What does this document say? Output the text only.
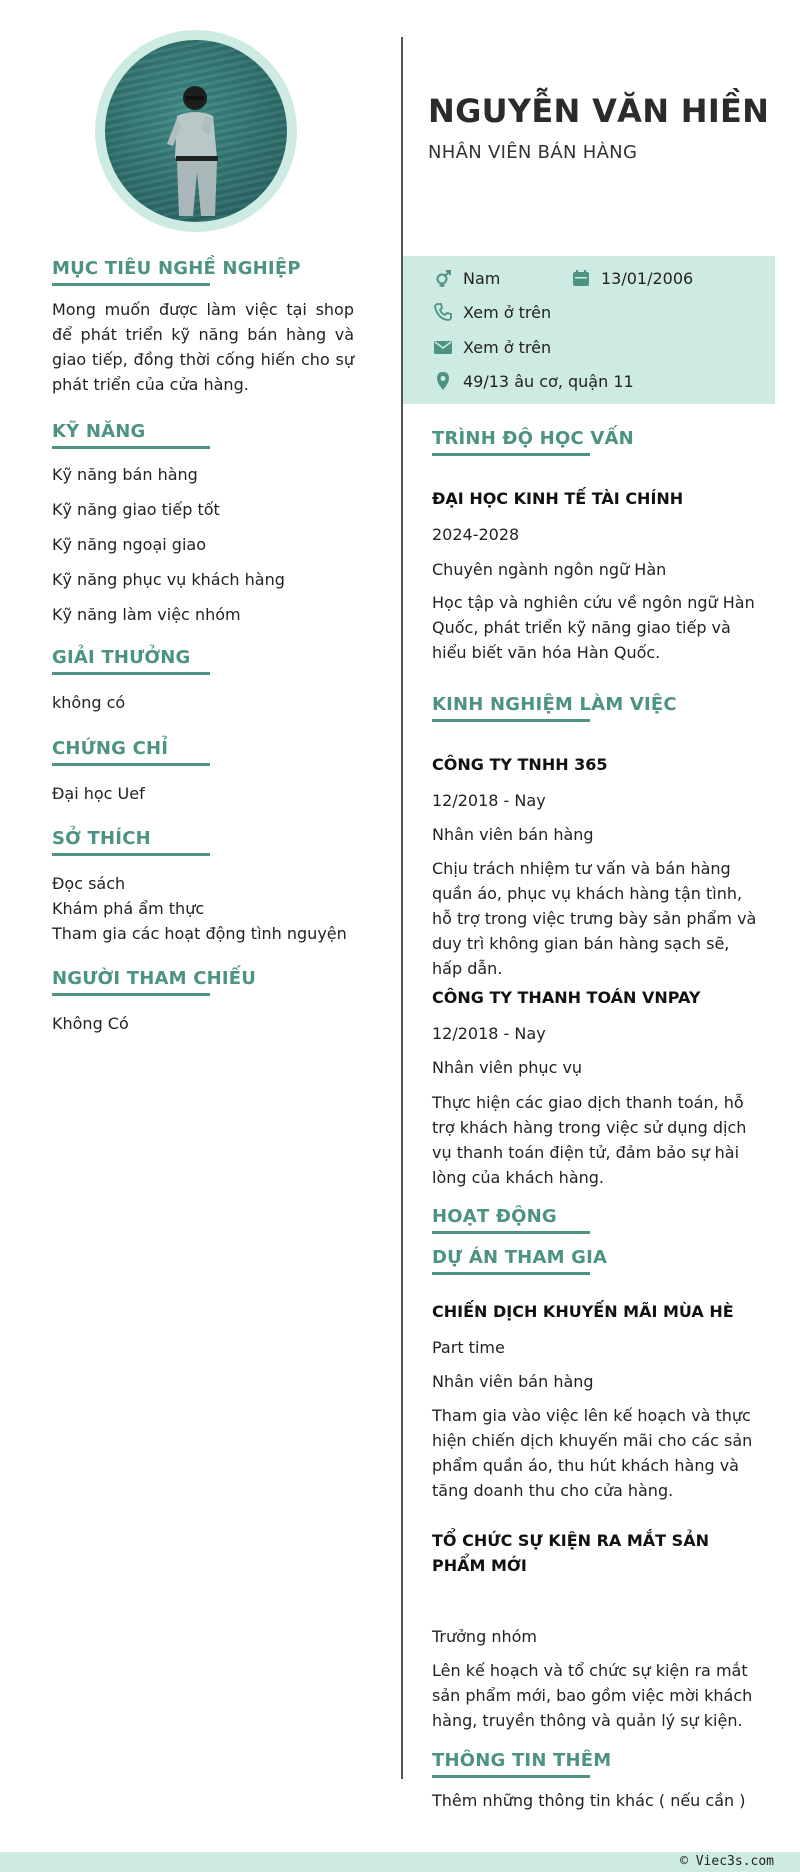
MỤC TIÊU NGHỀ NGHIỆP
Mong muốn được làm việc tại shop để phát triển kỹ năng bán hàng và giao tiếp, đồng thời cống hiến cho sự phát triển của cửa hàng.
KỸ NĂNG
Kỹ năng bán hàng
Kỹ năng giao tiếp tốt
Kỹ năng ngoại giao
Kỹ năng phục vụ khách hàng
Kỹ năng làm việc nhóm
GIẢI THƯỞNG
không có
CHỨNG CHỈ
Đại học Uef
SỞ THÍCH
Đọc sách
Khám phá ẩm thực
Tham gia các hoạt động tình nguyện
NGƯỜI THAM CHIẾU
Không Có
NGUYỄN VĂN HIỀN
NHÂN VIÊN BÁN HÀNG
Nam	13/01/2006
Xem ở trên
Xem ở trên
49/13 âu cơ, quận 11
TRÌNH ĐỘ HỌC VẤN
ĐẠI HỌC KINH TẾ TÀI CHÍNH
2024-2028
Chuyên ngành ngôn ngữ Hàn
Học tập và nghiên cứu về ngôn ngữ Hàn Quốc, phát triển kỹ năng giao tiếp và hiểu biết văn hóa Hàn Quốc.
KINH NGHIỆM LÀM VIỆC
CÔNG TY TNHH 365
12/2018 - Nay
Nhân viên bán hàng
Chịu trách nhiệm tư vấn và bán hàng quần áo, phục vụ khách hàng tận tình, hỗ trợ trong việc trưng bày sản phẩm và duy trì không gian bán hàng sạch sẽ, hấp dẫn.
CÔNG TY THANH TOÁN VNPAY
12/2018 - Nay
Nhân viên phục vụ
Thực hiện các giao dịch thanh toán, hỗ trợ khách hàng trong việc sử dụng dịch vụ thanh toán điện tử, đảm bảo sự hài lòng của khách hàng.
HOẠT ĐỘNG
DỰ ÁN THAM GIA
CHIẾN DỊCH KHUYẾN MÃI MÙA HÈ
Part time
Nhân viên bán hàng
Tham gia vào việc lên kế hoạch và thực hiện chiến dịch khuyến mãi cho các sản phẩm quần áo, thu hút khách hàng và tăng doanh thu cho cửa hàng.
TỔ CHỨC SỰ KIỆN RA MẮT SẢN PHẨM MỚI
Trưởng nhóm
Lên kế hoạch và tổ chức sự kiện ra mắt sản phẩm mới, bao gồm việc mời khách hàng, truyền thông và quản lý sự kiện.
THÔNG TIN THÊM
Thêm những thông tin khác ( nếu cần )
© Viec3s.com
